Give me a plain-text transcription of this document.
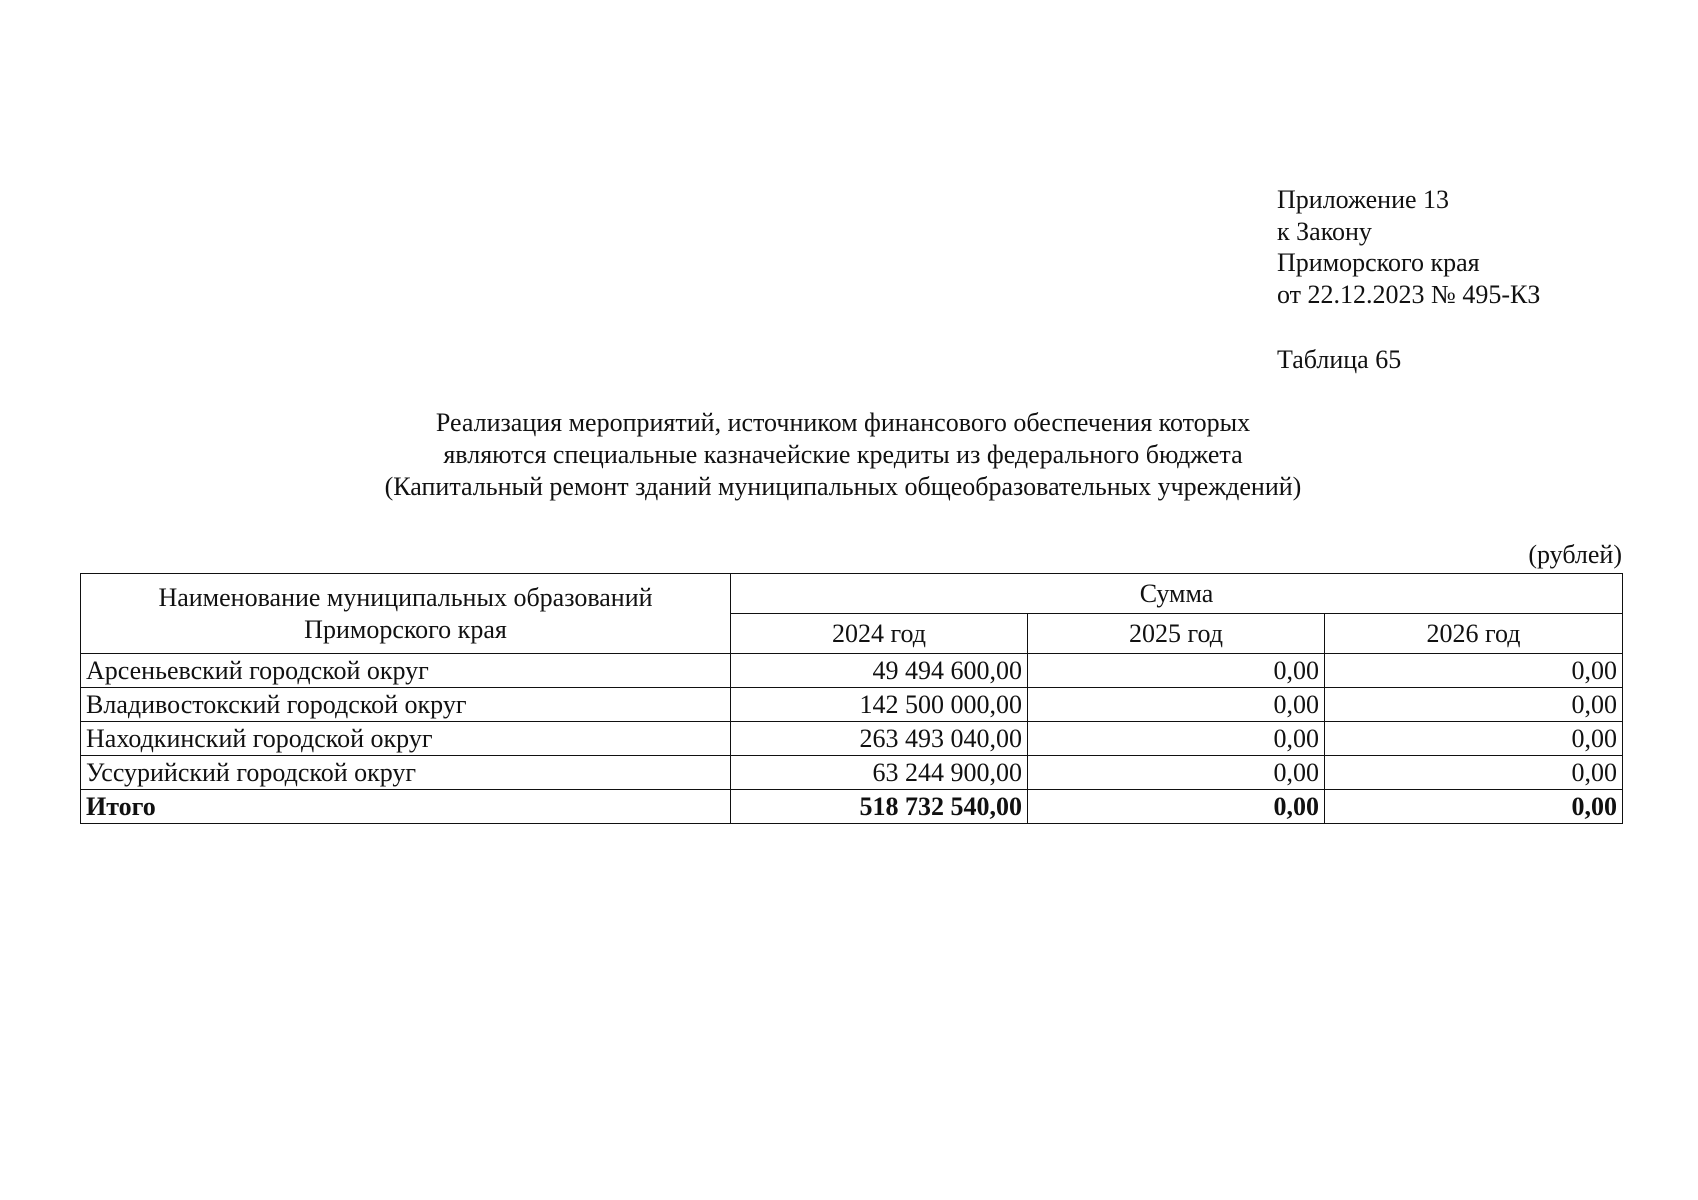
Приложение 13
к Закону
Приморского края
от 22.12.2023 № 495-КЗ
Таблица 65
Реализация мероприятий, источником финансового обеспечения которых
являются специальные казначейские кредиты из федерального бюджета
(Капитальный ремонт зданий муниципальных общеобразовательных учреждений)
(рублей)
Наименование муниципальных образований Приморского края	Сумма		
	2024 год	2025 год	2026 год
Арсеньевский городской округ	49 494 600,00	0,00	0,00
Владивостокский городской округ	142 500 000,00	0,00	0,00
Находкинский городской округ	263 493 040,00	0,00	0,00
Уссурийский городской округ	63 244 900,00	0,00	0,00
Итого	518 732 540,00	0,00	0,00
